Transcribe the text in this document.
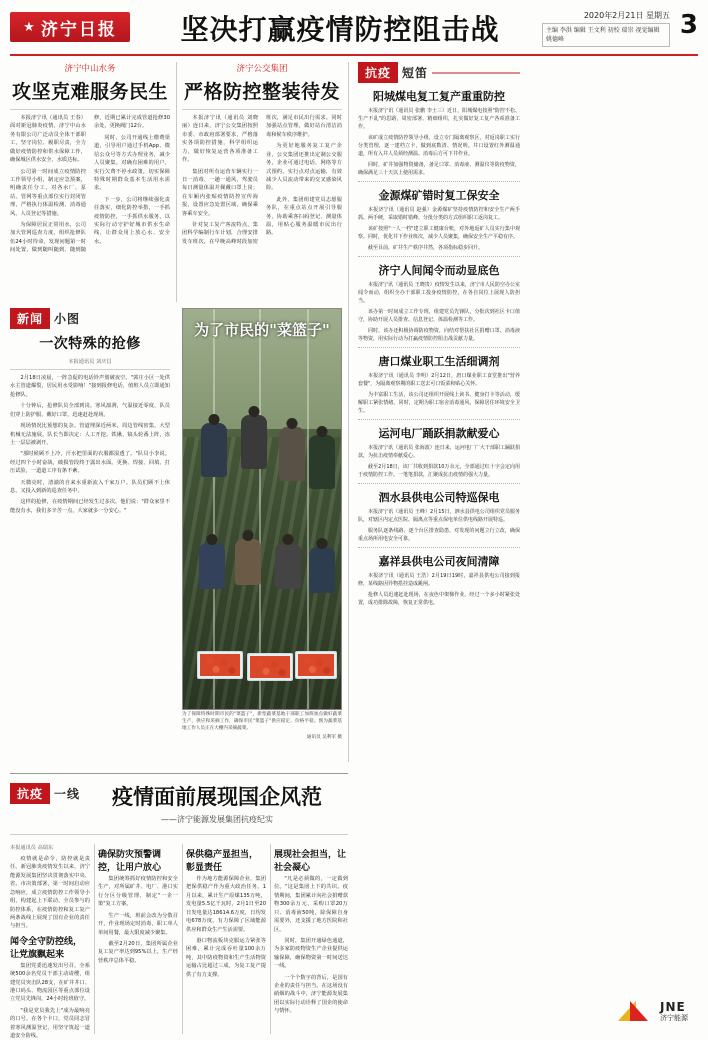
★ 济宁日报	坚决打赢疫情防控阻击战	2020年2月21日 星期五
主编 李洪 编辑 王文利 初校 瑞崇 视觉编辑 姚德峰	3
济宁中山水务
攻坚克难服务民生

本报济宁讯（通讯员 王春）面对新冠肺炎疫情，济宁中山水务有限公司广泛动员全体干部职工，坚守岗位、履职尽责，全力做好疫情防控和供水保障工作，确保城区供水安全、水质达标。

公司第一时间成立疫情防控工作领导小组，制定应急预案，明确责任分工，对各水厂、泵站、管网等重点部位实行封闭管理，严格执行体温检测、消毒通风、人员登记等措施。

为保障居民正常用水，公司加大管网巡查力度，组织抢修队伍24小时待命，发现问题第一时间处置，做到随叫随到、随到随修，近期已累计完成管道抢修30余处，更换阀门12台。

同时，公司开通线上缴费渠道，引导用户通过手机App、微信公众号等方式办理业务，减少人员聚集。对确有困难的用户，实行欠费不停水政策，切实保障特殊时期群众基本生活用水需求。

下一步，公司将继续强化责任落实，细化防控举措，一手抓疫情防控，一手抓供水服务，以实际行动守护好城市供水生命线，让群众用上放心水、安全水。

济宁公交集团
严格防控整装待发

本报济宁讯（通讯员 刘晓丽）连日来，济宁公交集团按照市委、市政府部署要求，严格落实各项防控措施，科学组织运力，做好恢复运营各项准备工作。

集团对所有运营车辆实行一日一消毒、一趟一通风，驾驶员每日测量体温并佩戴口罩上岗；在车厢内张贴疫情防控宣传海报，设置应急处置区域，确保乘客乘车安全。

针对复工复产客流特点，集团科学编制行车计划，合理安排发车班次，在早晚高峰时段加密班次，满足市民出行需求。同时加强站点管理，做好站台清洁消毒和候车秩序维护。

为更好地服务复工复产企业，公交集团还推出定制公交服务，企业可通过电话、网络等方式预约，实行点对点运输，有效减少人员流动带来的交叉感染风险。

此外，集团组建党员志愿服务队，在重点站点开展引导服务，协助乘客扫码登记、测量体温，用贴心服务温暖市民出行路。

新闻 小图
一次特殊的抢修
本报通讯员 刘庆昌

2月18日凌晨，一阵急促的电话铃声划破夜空。"郭庄小区一处供水主管道爆裂，居民用水受影响！"接到报修电话，值班人员立即通知抢修队。

十分钟后，抢修队员全部到岗。寒风凛冽，气温接近零度，队员们穿上防护服、戴好口罩，迅速赶赴现场。

现场情况比预想的复杂。管道埋深近两米，周边管线密集，大型机械无法施展。队长当即决定：人工开挖。铁锹、镐头轮番上阵，冻土一层层被剥开。

"那时候顾不上冷，汗水把里面的衣服都湿透了。"队员小李说。经过四个小时奋战，破损管段终于露出水面。更换、焊接、回填、打压试验，一道道工序有条不紊。

天微亮时，清澈的自来水重新流入千家万户。队员们顾不上休息，又投入到新的巡查任务中。

这样的抢修，在疫情期间已经发生过多次。他们说："群众家里不能没有水，我们多辛苦一点，大家就多一分安心。"

为了市民的"菜篮子"
为了保障特殊时期市民的"菜篮子"，新型蔬菜基地干部职工加班加点做好蔬菜生产、供应和采摘工作，确保市民"菜篮子"供应稳定、价格平稳。图为蔬菜基地工作人员正在大棚内采摘蔬菜。
通讯员 吴利军 摄
抗疫 短笛
阳城煤电复工复产重重防控

本报济宁讯（通讯员 张鹏 李士三）近日，阳城煤电按照"防控不松、生产不乱"的思路，周密部署、精细组织，扎实做好复工复产各项准备工作。

该矿成立疫情防控领导小组，设立专门隔离观察区，对返岗职工实行分类管理，逐一建档立卡，做到底数清、情况明。井口设置红外测温通道，所有入井人员须经测温、消毒后方可下井作业。

同时，矿井加强物资储备，备足口罩、消毒液、测温仪等防疫物资，确保满足三十天以上使用需求。

金源煤矿错时复工保安全

本报济宁讯（通讯员 赵强）金源煤矿坚持疫情防控和安全生产两手抓、两手硬，采取错时错峰、分批分类的方式组织职工返岗复工。

该矿按照"一人一档"建立职工健康台账，对外地返矿人员实行集中观察。同时，优化井下作业班次，减少人员聚集，确保安全生产平稳有序。

截至目前，矿井生产秩序井然，各项指标稳步回升。

济宁人间闻令而动显底色

本报济宁讯（通讯员 王晓贵）疫情发生以来，济宁市人民防空办公室闻令而动，组织全办干部职工投身疫情防控，在各自岗位上展现人防担当。

该办第一时间成立工作专班，组建党员先锋队，分批次到社区卡口值守，协助开展人员排查、信息登记、体温检测等工作。

同时，该办还积极协调防疫物资，向结对帮扶社区捐赠口罩、消毒液等物资，用实际行动为打赢疫情防控阻击战贡献力量。

唐口煤业职工生活细调剂

本报济宁讯（通讯员 李明）2月12日，唐口煤业职工食堂推出"营养套餐"，为隔离观察期的职工送去可口饭菜和贴心关怀。

为丰富职工生活，该公司还组织开展线上读书、健身打卡等活动，缓解职工紧张情绪。同时，定期为职工宿舍消毒通风，保障居住环境安全卫生。

运河电厂踊跃捐款献爱心

本报济宁讯（通讯员 张海波）连日来，运河电厂广大干部职工踊跃捐款，为抗击疫情奉献爱心。

截至2月18日，该厂共收到捐款10万余元，全部通过红十字会定向用于疫情防控工作。一笔笔捐款，汇聚成抗击疫情的强大力量。

泗水县供电公司特巡保电

本报济宁讯（通讯员 王峰）2月15日，泗水县供电公司组织党员服务队，对辖区内定点医院、隔离点等重点保电单位供电线路开展特巡。

服务队逐条线路、逐个台区排查隐患，对发现的问题立行立改，确保重点场所用电安全可靠。

嘉祥县供电公司夜间清障

本报济宁讯（通讯员 王浩）2月19日19时，嘉祥县供电公司接到报修，某线路因异物搭挂造成跳闸。

抢修人员迅速赶赴现场，在夜色中架梯作业，经过一个多小时紧张处置，成功排除故障，恢复正常供电。

抗疫 一线	疫情面前展现国企风范
——济宁能源发展集团抗疫纪实
本报通讯员 高瑞东

疫情就是命令，防控就是责任。新冠肺炎疫情发生以来，济宁能源发展集团坚决贯彻落实中央、省、市决策部署，第一时间启动应急响应，成立疫情防控工作领导小组，构建起上下联动、全员参与的防控体系，在疫情防控和复工复产两条战线上展现了国有企业的责任与担当。

闻令全守防控线，让党旗飘起来

集团党委迅速发出号召，全系统500余名党员干部主动请缨，组建党员突击队28支，在矿井井口、港口码头、物流园区等重点部位设立党员先锋岗，24小时轮班值守。

"我是党员我先上"成为最响亮的口号。在各个卡口，党员同志冒着寒风测温登记，用坚守筑起一道道安全防线。

确保防灾预警调控，让用户放心

集团统筹抓好疫情防控和安全生产，对所属矿井、电厂、港口实行分区分级管理，制定"一企一策"复工方案。

生产一线，班前会改为分散召开，作业现场定时消毒，职工单人单间用餐，最大限度减少聚集。

截至2月20日，集团所属企业复工复产率达到95%以上，生产经营秩序总体平稳。

保供稳产显担当，彰显责任

作为地方能源保障企业，集团把保供稳产作为重大政治任务。1月以来，累计生产原煤135万吨，发电量5.5亿千瓦时，2月1日至20日发电量达18614.6万度，日均发电678万度，有力保障了区域能源供应和群众生产生活需要。

港口物流板块克服运力紧张等困难，累计完成吞吐量100余万吨，其中防疫物资和生产生活物资运输占比超过三成，为复工复产提供了有力支撑。

展现社会担当，让社会凝心

"凡是必须做的，一定做到位。"这是集团上下的共识。疫情期间，集团累计向社会捐赠款物300余万元，采购口罩20万只、消毒液50吨，除保障自身需要外，还支援了地方医院和社区。

同时，集团开通绿色通道，为多家防疫物资生产企业提供运输保障，确保物资第一时间送达一线。

一个个数字的背后，是国有企业的责任与担当。在这场没有硝烟的战斗中，济宁能源发展集团以实际行动诠释了国企的使命与情怀。	JNE
济宁能源
